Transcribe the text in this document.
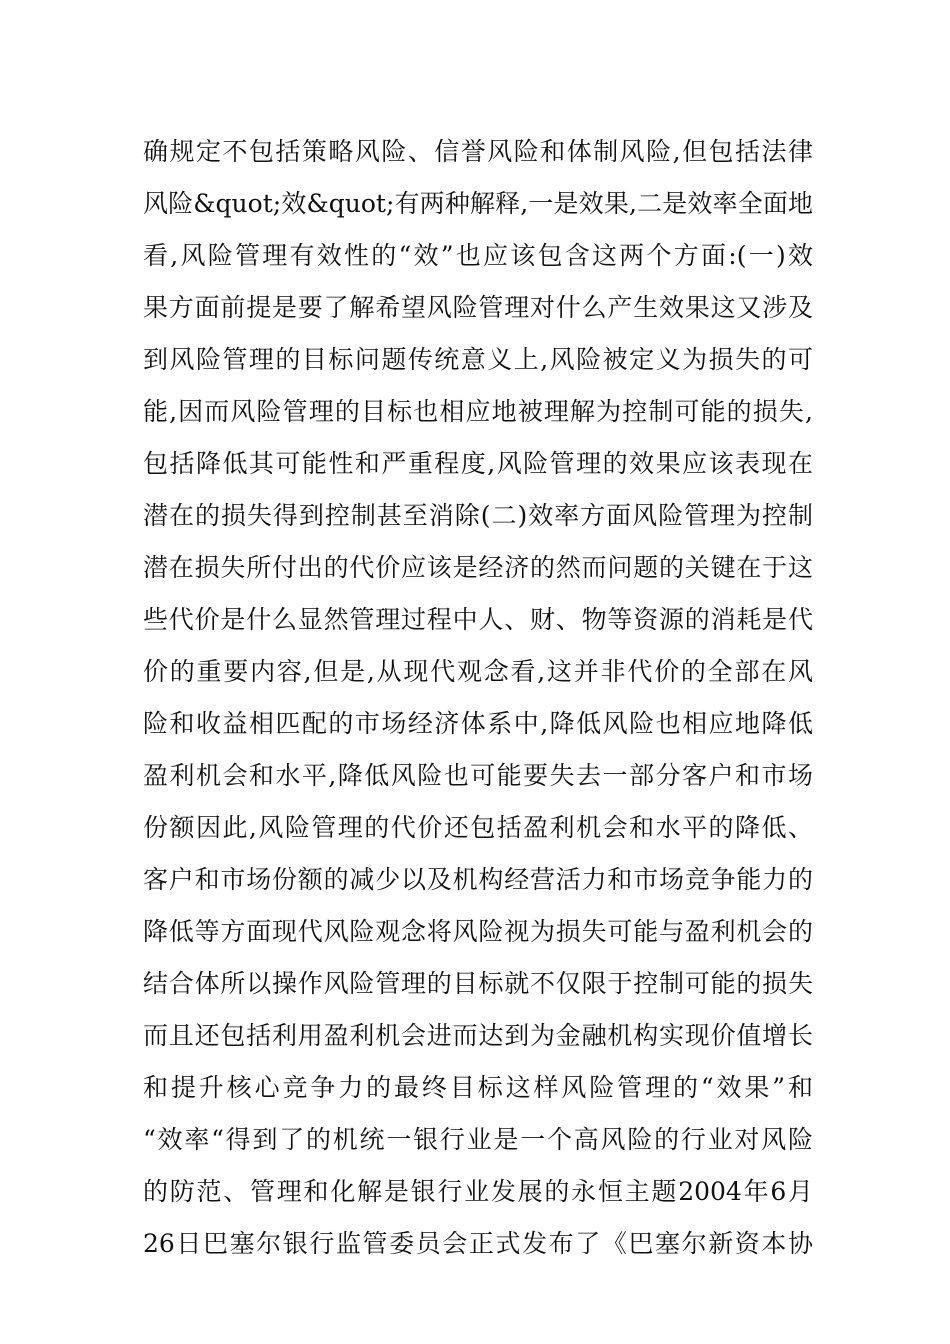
确规定不包括策略风险、信誉风险和体制风险,但包括法律
风险&quot;效&quot;有两种解释,一是效果,二是效率全面地
看,风险管理有效性的“效”也应该包含这两个方面:(一)效
果方面前提是要了解希望风险管理对什么产生效果这又涉及
到风险管理的目标问题传统意义上,风险被定义为损失的可
能,因而风险管理的目标也相应地被理解为控制可能的损失,
包括降低其可能性和严重程度,风险管理的效果应该表现在
潜在的损失得到控制甚至消除(二)效率方面风险管理为控制
潜在损失所付出的代价应该是经济的然而问题的关键在于这
些代价是什么显然管理过程中人、财、物等资源的消耗是代
价的重要内容,但是,从现代观念看,这并非代价的全部在风
险和收益相匹配的市场经济体系中,降低风险也相应地降低
盈利机会和水平,降低风险也可能要失去一部分客户和市场
份额因此,风险管理的代价还包括盈利机会和水平的降低、
客户和市场份额的减少以及机构经营活力和市场竞争能力的
降低等方面现代风险观念将风险视为损失可能与盈利机会的
结合体所以操作风险管理的目标就不仅限于控制可能的损失
而且还包括利用盈利机会进而达到为金融机构实现价值增长
和提升核心竞争力的最终目标这样风险管理的“效果”和
“效率“得到了的机统一银行业是一个高风险的行业对风险
的防范、管理和化解是银行业发展的永恒主题2004年6月
26日巴塞尔银行监管委员会正式发布了《巴塞尔新资本协
